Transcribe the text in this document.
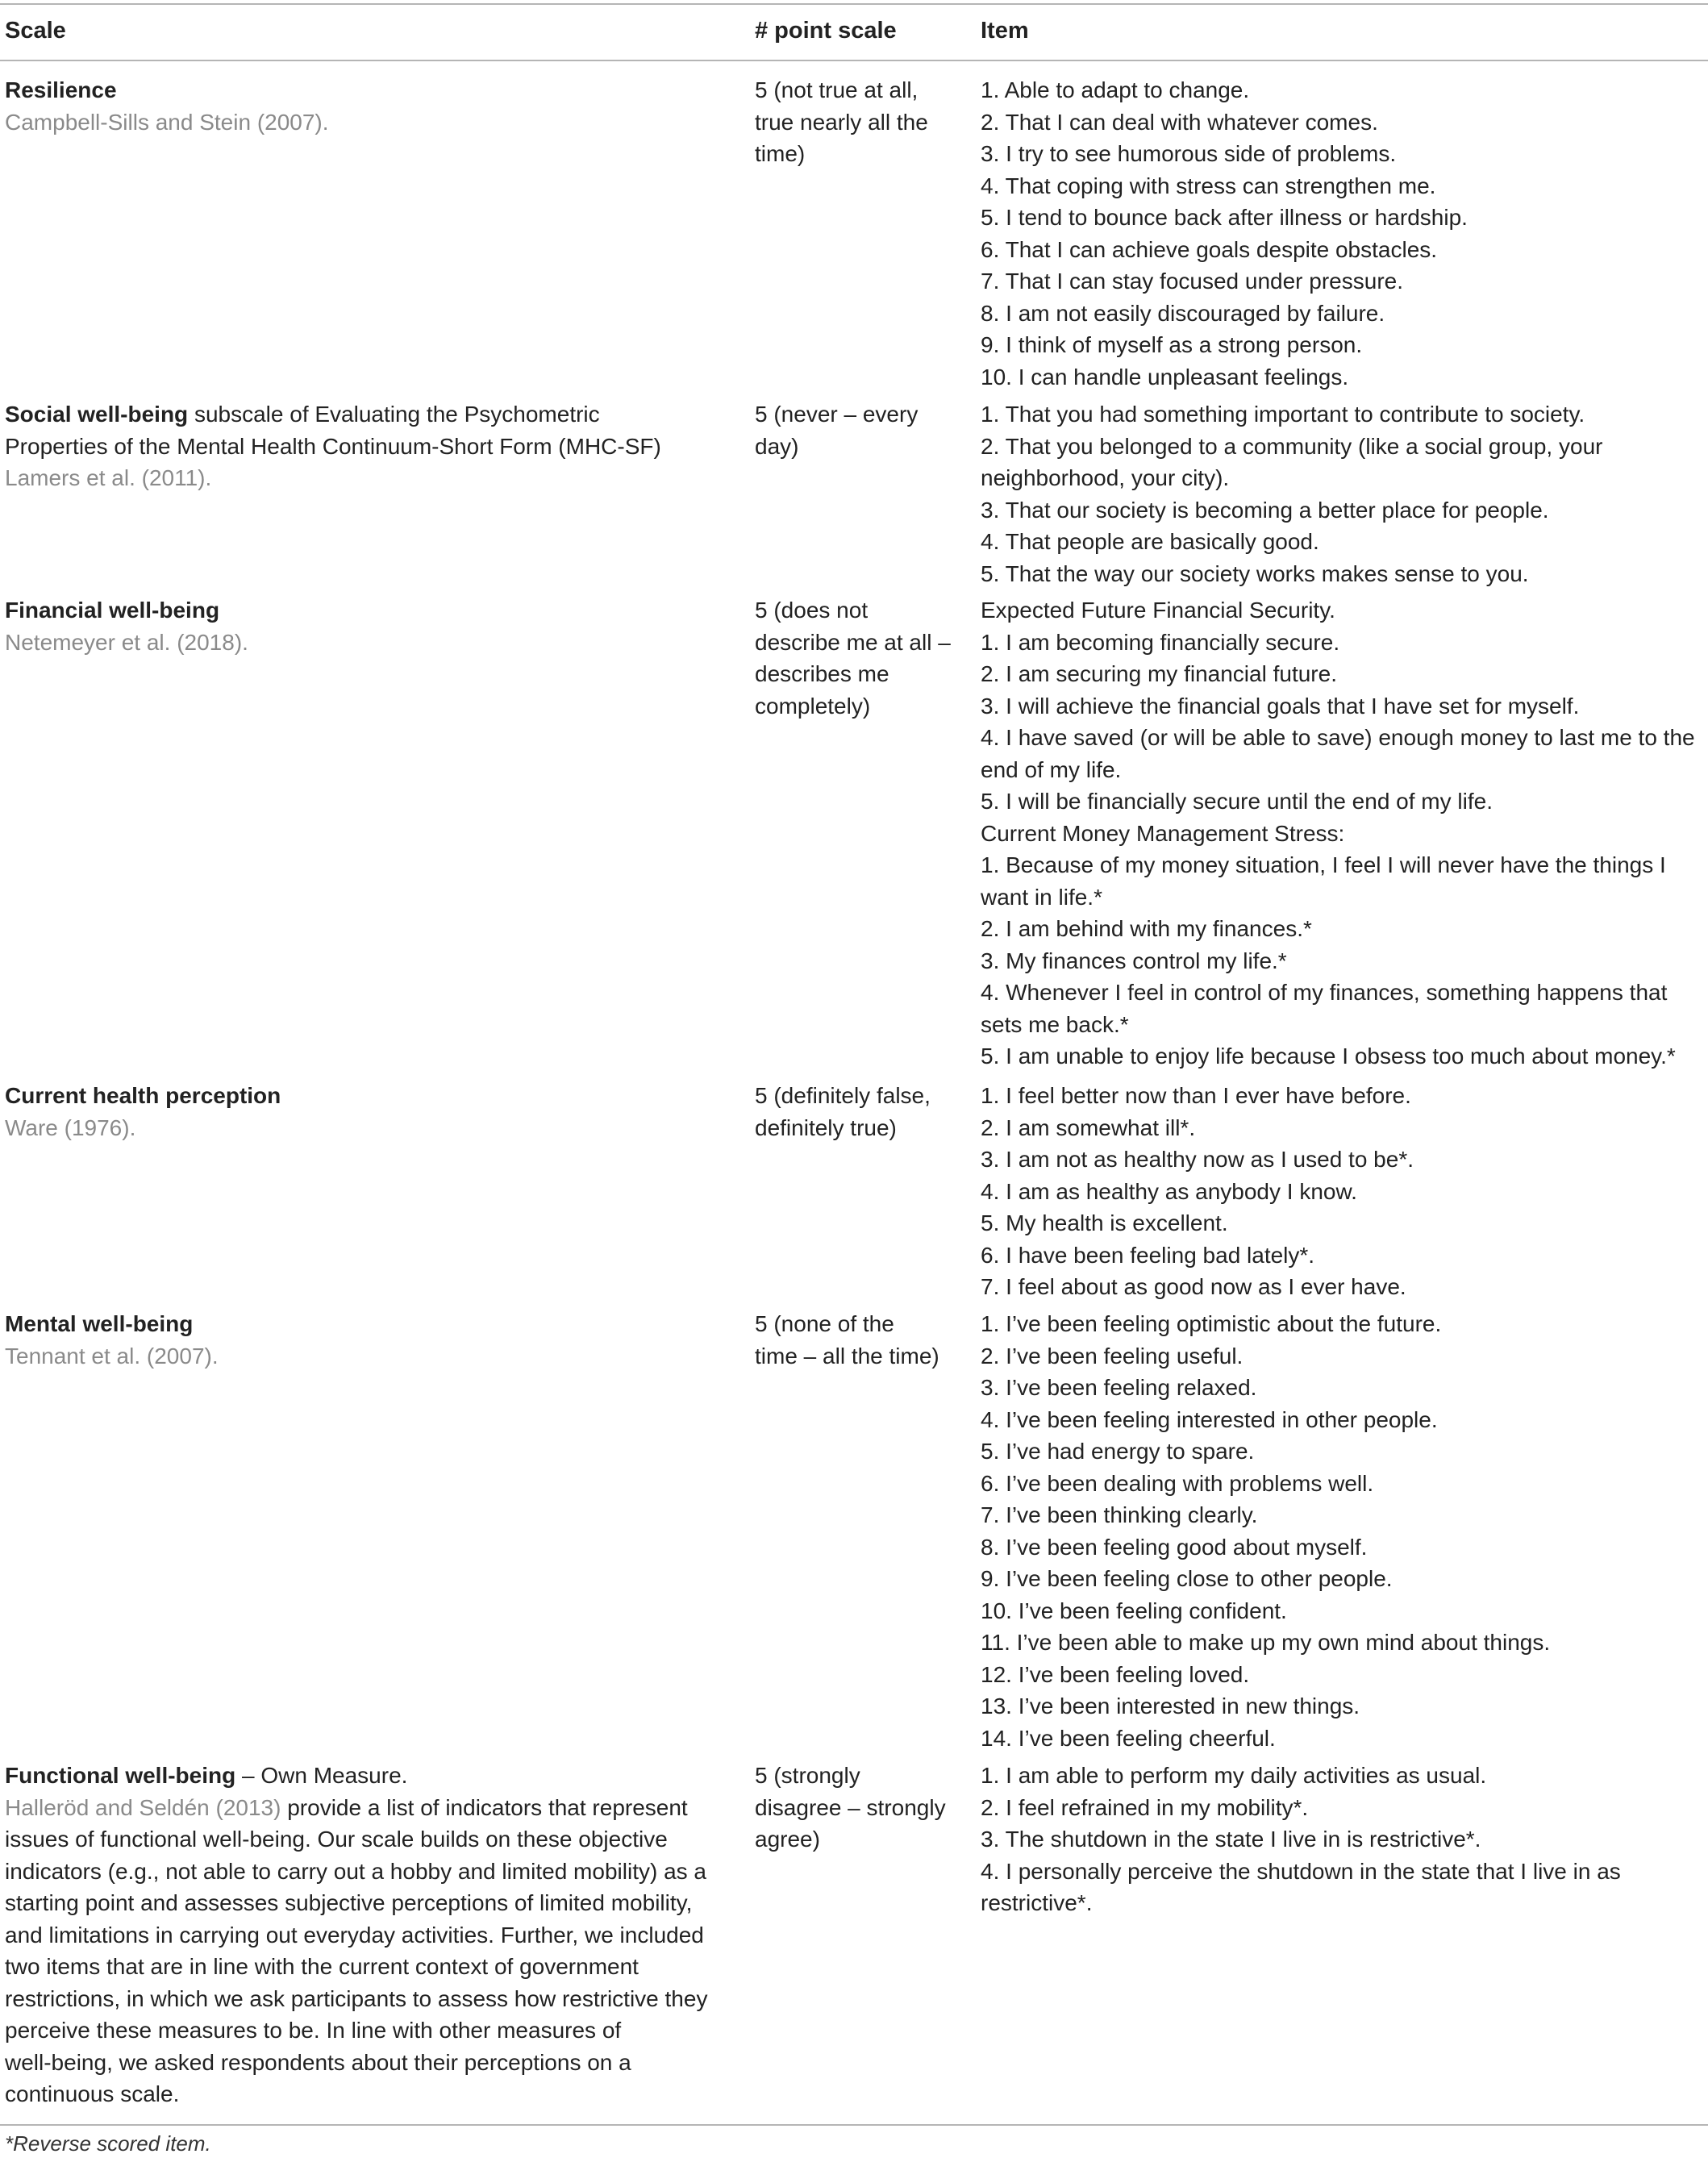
Scale	# point scale	Item
Resilience
Campbell-Sills and Stein (2007).
5 (not true at all,
true nearly all the
time)
1. Able to adapt to change.
2. That I can deal with whatever comes.
3. I try to see humorous side of problems.
4. That coping with stress can strengthen me.
5. I tend to bounce back after illness or hardship.
6. That I can achieve goals despite obstacles.
7. That I can stay focused under pressure.
8. I am not easily discouraged by failure.
9. I think of myself as a strong person.
10. I can handle unpleasant feelings.
Social well-being subscale of Evaluating the Psychometric
Properties of the Mental Health Continuum-Short Form (MHC-SF)
Lamers et al. (2011).
5 (never – every
day)
1. That you had something important to contribute to society.
2. That you belonged to a community (like a social group, your
neighborhood, your city).
3. That our society is becoming a better place for people.
4. That people are basically good.
5. That the way our society works makes sense to you.
Financial well-being
Netemeyer et al. (2018).
5 (does not
describe me at all –
describes me
completely)
Expected Future Financial Security.
1. I am becoming financially secure.
2. I am securing my financial future.
3. I will achieve the financial goals that I have set for myself.
4. I have saved (or will be able to save) enough money to last me to the
end of my life.
5. I will be financially secure until the end of my life.
Current Money Management Stress:
1. Because of my money situation, I feel I will never have the things I
want in life.*
2. I am behind with my finances.*
3. My finances control my life.*
4. Whenever I feel in control of my finances, something happens that
sets me back.*
5. I am unable to enjoy life because I obsess too much about money.*
Current health perception
Ware (1976).
5 (definitely false,
definitely true)
1. I feel better now than I ever have before.
2. I am somewhat ill*.
3. I am not as healthy now as I used to be*.
4. I am as healthy as anybody I know.
5. My health is excellent.
6. I have been feeling bad lately*.
7. I feel about as good now as I ever have.
Mental well-being
Tennant et al. (2007).
5 (none of the
time – all the time)
1. I’ve been feeling optimistic about the future.
2. I’ve been feeling useful.
3. I’ve been feeling relaxed.
4. I’ve been feeling interested in other people.
5. I’ve had energy to spare.
6. I’ve been dealing with problems well.
7. I’ve been thinking clearly.
8. I’ve been feeling good about myself.
9. I’ve been feeling close to other people.
10. I’ve been feeling confident.
11. I’ve been able to make up my own mind about things.
12. I’ve been feeling loved.
13. I’ve been interested in new things.
14. I’ve been feeling cheerful.
Functional well-being – Own Measure.
Halleröd and Seldén (2013) provide a list of indicators that represent
issues of functional well-being. Our scale builds on these objective
indicators (e.g., not able to carry out a hobby and limited mobility) as a
starting point and assesses subjective perceptions of limited mobility,
and limitations in carrying out everyday activities. Further, we included
two items that are in line with the current context of government
restrictions, in which we ask participants to assess how restrictive they
perceive these measures to be. In line with other measures of
well-being, we asked respondents about their perceptions on a
continuous scale.
5 (strongly
disagree – strongly
agree)
1. I am able to perform my daily activities as usual.
2. I feel refrained in my mobility*.
3. The shutdown in the state I live in is restrictive*.
4. I personally perceive the shutdown in the state that I live in as
restrictive*.
*Reverse scored item.
